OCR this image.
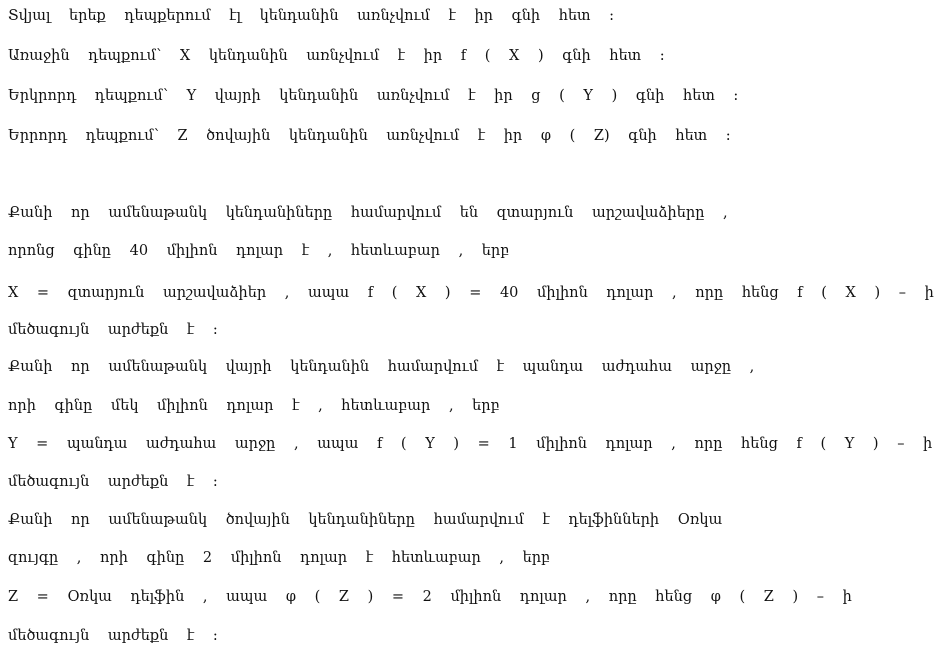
Տվյալ երեք դեպքերում էլ կենդանին առնչվում է իր գնի հետ :
Առաջին դեպքում՝ X կենդանին առնչվում է իր f ( X ) գնի հետ :
Երկրորդ դեպքում՝ Y վայրի կենդանին առնչվում է իր g ( Y ) գնի հետ :
Երրորդ դեպքում՝ Z ծովային կենդանին առնչվում է իր φ ( Z) գնի հետ :
Քանի որ ամենաթանկ կենդանիները համարվում են զտարյուն արշավաձիերը ,
որոնց գինը 40 միլիոն դոլար է , հետևաբար , երբ
X = զտարյուն արշավաձիեր , ապա f ( X ) = 40 միլիոն դոլար , որը հենց f ( X ) – ի
մեծագույն արժեքն է :
Քանի որ ամենաթանկ վայրի կենդանին համարվում է պանդա աժդահա արջը ,
որի գինը մեկ միլիոն դոլար է , հետևաբար , երբ
Y = պանդա աժդահա արջը , ապա f ( Y ) = 1 միլիոն դոլար , որը հենց f ( Y ) – ի
մեծագույն արժեքն է :
Քանի որ ամենաթանկ ծովային կենդանիները համարվում է դելֆինների Օռկա
զույգը , որի գինը 2 միլիոն դոլար է հետևաբար , երբ
Z = Օռկա դելֆին , ապա φ ( Z ) = 2 միլիոն դոլար , որը հենց φ ( Z ) – ի
մեծագույն արժեքն է :
